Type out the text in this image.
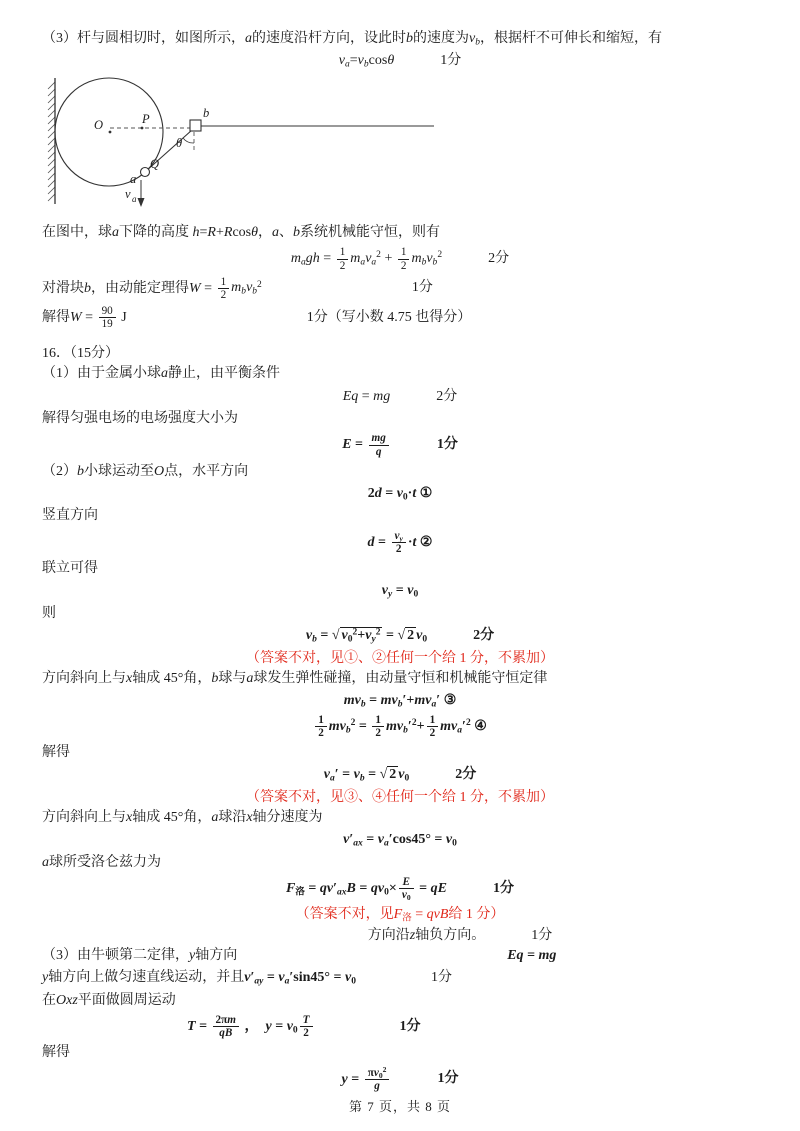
（3）杆与圆相切时，如图所示，a的速度沿杆方向，设此时b的速度为$v_b$，根据杆不可伸长和缩短，有
$v_a=v_b\cos\theta$	1分
O	P	b
θ
a
Q
v a
在图中，球a下降的高度 h=R+Rcosθ，a、b系统机械能守恒，则有
$m_agh = \frac{1}{2} m_av_a^2 + \frac{1}{2} m_bv_b^2$	2分
对滑块b，由动能定理得$W = \frac{1}{2} m_bv_b^2$	1分
解得$W = \frac{90}{19}$ J	1分（写小数 4.75 也得分）
16．（15分）
（1）由于金属小球a静止，由平衡条件
Eq = mg	2分
解得匀强电场的电场强度大小为
$E = \frac{mg}{q}$	1分
（2）b小球运动至O点，水平方向
$2d = v_0\cdot t$ ①
竖直方向
$d = \frac{v_y}{2} \cdot t$ ②
联立可得
$v_y = v_0$
则
$v_b$ = √ $v_0^2+v_y^2$ = √ 2 $v_0$	2分
（答案不对，见①、②任何一个给 1 分，不累加）
方向斜向上与x轴成 45°角，b球与a球发生弹性碰撞，由动量守恒和机械能守恒定律
$mv_b = mv_b'+mv_a'$ ③
$\frac{1}{2} mv_b^2 = \frac{1}{2} mv_b'^2+ \frac{1}{2} mv_a'^2$ ④
解得
$v_a' = v_b$ = √ 2 $v_0$	2分
（答案不对，见③、④任何一个给 1 分，不累加）
方向斜向上与x轴成 45°角，a球沿x轴分速度为
$v'_{ax} = v_a'\cos 45^\circ = v_0$
a球所受洛仑兹力为
$F_洛 = qv'_{ax}B = qv_0\times \frac{E}{v_0}$ = qE	1分
（答案不对，见$F_洛$ = qvB给 1 分）
方向沿z轴负方向。	1分
（3）由牛顿第二定律，y轴方向	Eq = mg
y轴方向上做匀速直线运动，并且$v'_{ay} = v_a'\sin 45^\circ = v_0$	1分
在Oxz平面做圆周运动
$T = \frac{2\pi m}{qB}$ ，　$y = v_0 \frac{T}{2}$	1分
解得
$y = \frac{\pi v_0^2}{g}$	1分
第 7 页，共 8 页
